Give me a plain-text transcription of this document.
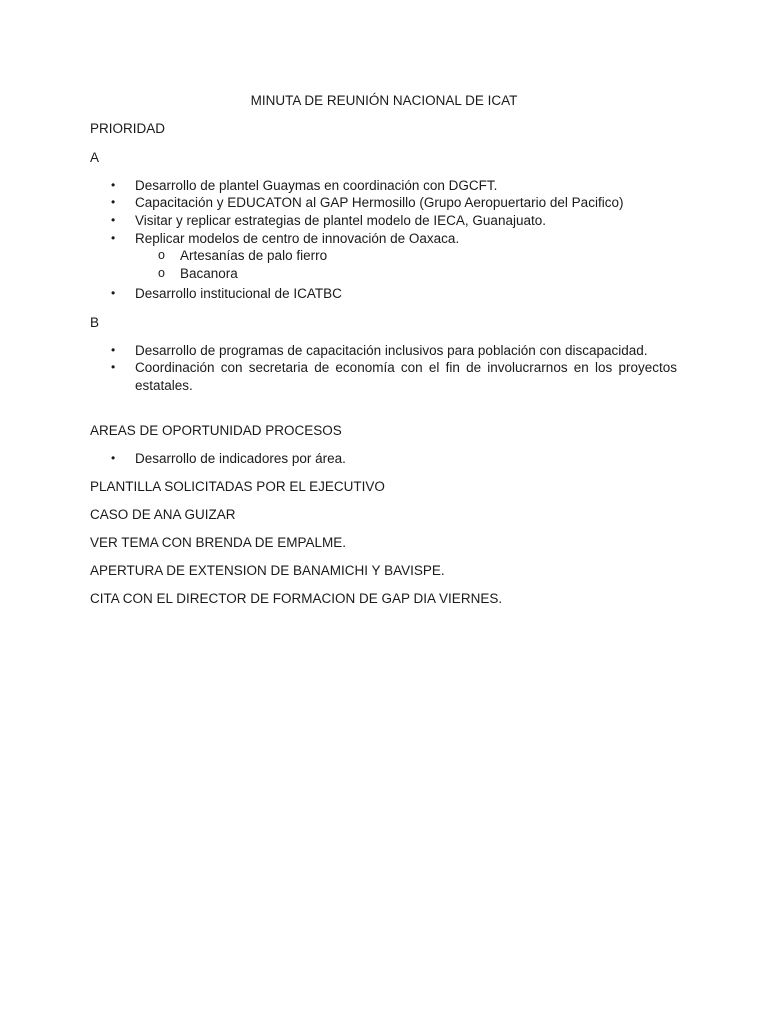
MINUTA DE REUNIÓN NACIONAL DE ICAT
PRIORIDAD
A
• Desarrollo de plantel Guaymas en coordinación con DGCFT.
• Capacitación y EDUCATON al GAP Hermosillo (Grupo Aeropuertario del Pacifico)
• Visitar y replicar estrategias de plantel modelo de IECA, Guanajuato.
• Replicar modelos de centro de innovación de Oaxaca.
o Artesanías de palo fierro
o Bacanora
• Desarrollo institucional de ICATBC
B
• Desarrollo de programas de capacitación inclusivos para población con discapacidad.
• Coordinación con secretaria de economía con el fin de involucrarnos en los proyectos
estatales.
AREAS DE OPORTUNIDAD PROCESOS
• Desarrollo de indicadores por área.
PLANTILLA SOLICITADAS POR EL EJECUTIVO
CASO DE ANA GUIZAR
VER TEMA CON BRENDA DE EMPALME.
APERTURA DE EXTENSION DE BANAMICHI Y BAVISPE.
CITA CON EL DIRECTOR DE FORMACION DE GAP DIA VIERNES.
